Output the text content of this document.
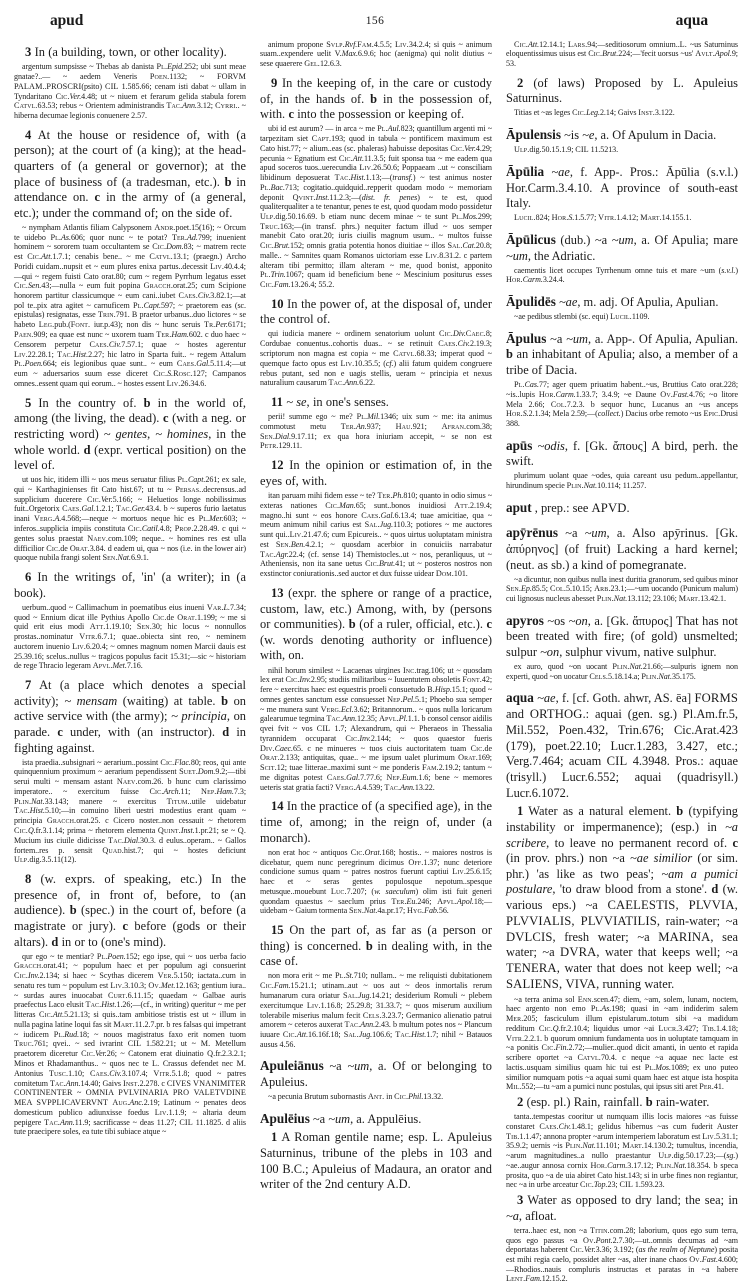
apud	156	aqua

3 In (a building, town, or other locality).

argentum sumpsisse ~ Thebas ab danista Pl.Epid.252; ubi sunt meae gnatae?..— ~ aedem Veneris Poen.1132; ~ FORVM PALAM..PROSCRI(psito) CIL 1.585.66; cenam isti dabat ~ ullam in Tyndaritano Cic.Ver.4.48; ut ~ niuem et ferarum gelida stabula forem Catvl.63.53; rebus ~ Orientem administrandis Tac.Ann.3.12; Cyrri.. ~ hiberna decumae legionis conuenere 2.57.

4 At the house or residence of, with (a person); at the court of (a king); at the head-quarters of (a general or governor); at the place of business of (a tradesman, etc.). b in attendance on. c in the army of (a general, etc.); under the command of; on the side of.

~ nympham Atlantis filiam Calypsonem Andr.poet.15(16); ~ Orcum te uidebo Pl.As.606; quor nunc ~ te potat? Ter.Ad.799; inuenient hominem ~ sororem tuam occultantem se Cic.Dom.83; ~ matrem recte est Cic.Att.1.7.1; cenabis bene.. ~ me Catvl.13.1; (praegn.) Archo Poridi cuidam..nupsit et ~ eum plures enixa partus..decessit Liv.40.4.4;—qui ~ regem fuisti Cato orat.80; cum ~ regem Pyrrhum legatus esset Cic.Sen.43;—nulla ~ eum fuit popina Gracch.orat.25; cum Scipione honorem partitur classicumque ~ eum cani..iubet Caes.Civ.3.82.1;—at pol te..pix atra agitet ~ carnuficem Pl.Capt.597; ~ praetorem eas (sc. epistulas) resignatas, esse Trin.791. B praetor urbanus..duo lictores ~ se habeto Leg.pub.(Font. iur.p.43); non dis ~ hunc seruis Tr.Per.6171; Paen.909; ea quae est nunc ~ uxorem tuam Ter.Ham.602. c duo haec ~ Censorem perpetur Caes.Civ.7.57.1; quae ~ hostes agerentur Liv.22.28.1; Tac.Hist.2.27; hic latro in Sparta fuit.. ~ regem Attalum Pl.Poen.664; eis legionibus quae sunt.. ~ eum Caes.Gal.5.11.4;—ut eum ~ aduersarios suum esse diceret Cic.S.Rosc.127; Campanos omnes..essent quam qui eorum.. ~ hostes essent Liv.26.34.6.

5 In the country of. b in the world of, among (the living, the dead). c (with a neg. or restricting word) ~ gentes, ~ homines, in the whole world. d (expr. vertical position) on the level of.

ut uos hic, itidem illi ~ uos meus seruatur filius Pl.Capt.261; ex sale, qui ~ Karthaginienses fit Cato hist.67; ut tu ~ Persas..decrensus..ad supplicium ducerere Cic.Ver.5.166; ~ Heluetios longe nobilissimus fuit..Orgetorix Caes.Gal.1.2.1; Tac.Ger.43.4. b ~ superos furio laetatus inani Verg.A.4.568;—neque ~ mortuos neque hic es Pl.Mer.603; ~ inferos..supplicia impiis constituta Cic.Catil.4.8; Prop.2.28.49. c qui ~ gentes solus praestat Naev.com.109; neque.. ~ homines res est ulla difficilior Cic.de Orat.3.84. d eadem ui, qua ~ nos (i.e. in the lower air) quoque nubila frangi solent Sen.Nat.6.9.1.

6 In the writings of, 'in' (a writer); in (a book).

uerbum..quod ~ Callimachum in poematibus eius inueni Var.L.7.34; quod ~ Ennium dicat ille Pythius Apollo Cic.de Orat.1.199; ~ me si quid erit eius modi Att.1.19.10; Sen.30; hic locus ~ nonnullos prostas..nominatur Vitr.6.7.1; quae..obiecta sint reo, ~ neminem auctorem inuenio Liv.6.20.4; ~ omnes magnum nomen Marcii dauis est 25.39.16; scelus..nullus ~ tragicos populus facit 15.31;—sic ~ historiam de rege Thracio legeram Apvl.Met.7.16.

7 At (a place which denotes a special activity); ~ mensam (waiting) at table. b on active service with (the army); ~ principia, on parade. c under, with (an instructor). d in fighting against.

ista praedia..subsignari ~ aerarium..possint Cic.Flac.80; reos, qui ante quinquennium proximum ~ aerarium pependissent Suet.Dom.9.2;—tibi serui multi ~ mensam astant Naev.com.26. b hunc cum clarissimo imperatore.. ~ exercitum fuisse Cic.Arch.11; Nep.Ham.7.3; Plin.Nat.33.143; manere ~ exercitus Titum..utile uidebatur Tac.Hist.5.10;—in comuino liberi uestri modestius erant quam ~ principia Gracch.orat.25. c Cicero noster..non cessauit ~ rhetorem Cic.Q.fr.3.1.14; prima ~ rhetorem elementa Quint.Inst.1.pr.21; se ~ Q. Mucium ius ciuile didicisse Tac.Dial.30.3. d eulus..operam.. ~ Gallos fortem..res p. sensit Quad.hist.7; qui ~ hostes deficiunt Ulp.dig.3.5.11(12).

8 (w. exprs. of speaking, etc.) In the presence of, in front of, before, to (an audience). b (spec.) in the court of, before (a magistrate or jury). c before (gods or their altars). d in or to (one's mind).

qur ego ~ te mentiar? Pl.Poen.152; ego ipse, qui ~ uos uerba facio Gracch.orat.41; ~ populum haec et per populum agi consuerint Cic.Inv.2.134; si haec ~ Scythas dicerem Ver.5.150; iactata..cum in senatu res tum ~ populum est Liv.3.10.3; Ov.Met.12.163; gentium iura.. ~ surdas aures inuocabat Curt.6.11.15; quaedam ~ Galbae auris praefectus Laco elusit Tac.Hist.1.26;—(cf., in writing) queritur ~ me per litteras Cic.Att.5.21.13; si quis..tam ambitiose tristis est ut ~ illum in nulla pagina latine loqui fas sit Mart.11.2.7.pr. b res falsas qui impetrant ~ iudicem Pl.Rud.18; ~ nouos magistratus faxo erit nomen tuom Truc.761; qvei.. ~ sed ivrarint CIL 1.582.21; ut ~ M. Metellum praetorem diceretur Cic.Ver.26; ~ Catonem erat diuinatio Q.fr.2.3.2.1; Minos et Rhadamanthus.. ~ quos nec te L. Crassus defendet nec M. Antonius Tusc.1.10; Caes.Civ.3.107.4; Vitr.5.1.8; quod ~ patres comitetum Tac.Ann.14.40; Gaivs Inst.2.278. c CIVES VNANIMITER CONTINENTER ~ OMNIA PVLVINARIA PRO VALETVDINE MEA SVPPLICAVERVNT Aug.Anc.2.19; Latinum ~ penates deos domesticum publico adiunxisse foedus Liv.1.1.9; ~ altaria deum pepigere Tac.Ann.11.9; sacrificasse ~ deas 11.27; CIL 11.1825. d aliis tute praecipere soles, ea tute tibi subiace atque ~

animum propone Svlp.Rvf.Fam.4.5.5; Liv.34.2.4; si quis ~ animum suam..expendere uelit V.Max.6.9.6; hoc (aenigma) qui nolit diutius ~ sese quaerere Gel.12.6.3.

9 In the keeping of, in the care or custody of, in the hands of. b in the possession of, with. c into the possession or keeping of.

ubi id est aurum? — in arca ~ me Pl.Aul.823; quantillum argenti mi ~ tarpezitam siet Capt.193; quod in tabula ~ pontificem maximum est Cato hist.77; ~ alium..eas (sc. phaleras) habuisse depositas Cic.Ver.4.29; pecunia ~ Egnatium est Cic.Att.11.3.5; fuit sponsa tua ~ me eadem qua apud soceros tuos..uerecundia Liv.26.50.6; Poppaeam ..ut ~ consciliam libidinum deposuerat Tac.Hist.1.13;—(transf.) ~ test animus noster Pl.Bac.713; cogitatio..quidquid..repperit quodam modo ~ memoriam deponit Qvint.Inst.11.2.3;—(dist. fr. penes) ~ te est, quod qualiterqualiter a te tenantur, penes te est, quod quodam modo possidetur Ulp.dig.50.16.69. b etiam nunc decem minae ~ te sunt Pl.Mos.299; Truc.163;—(in transf. phrs.) nequiter factum illud ~ uos semper manebit Cato orat.20; iuris ciuilis magnum usum.. ~ multos fuisse Cic.Brut.152; omnis gratia potentia honos diuitiae ~ illos Sal.Cat.20.8; malle.. ~ Samnites quam Romanos uictoriam esse Liv.8.31.2. c partem alteram tibi permitto; illam alteram ~ me, quod bonist, apponito Pl.Trin.1067; quam id beneficium bene ~ Mescinium positurus esses Cic.Fam.13.26.4; 55.2.

10 In the power of, at the disposal of, under the control of.

qui iudicia manere ~ ordinem senatorium uolunt Cic.Div.Caec.8; Cordubae conuentus..cohortis duas.. ~ se retinuit Caes.Civ.2.19.3; scriptorum non magna est copia ~ me Catvl.68.33; imperat quod ~ quemque facto opus est Liv.10.35.5; (cf.) alii fatum quidem congruere rebus putant, sed non e uagis stellis, ueram ~ principia et nexus naturalium causarum Tac.Ann.6.22.

11 ~ se, in one's senses.

perii! summe ego ~ me? Pl.Mil.1346; uix sum ~ me: ita animus commotust metu Ter.An.937; Hau.921; Afran.com.38; Sen.Dial.9.17.11; ex qua hora iniuriam accepit, ~ se non est Petr.129.11.

12 In the opinion or estimation of, in the eyes of, with.

itan paruam mihi fidem esse ~ te? Ter.Ph.810; quanto in odio simus ~ exteras nationes Cic.Man.65; sunt..bonos inuidiosi Att.2.19.4; magno..hi sunt ~ eos honore Caes.Gal.6.13.4; tuae amicitiae, qua ~ meum animum nihil carius est Sal.Jug.110.3; potiores ~ me auctores sunt qui..Liv.21.47.6; cum Epicureis.. ~ quos uirtus uoluptatam ministra est Sen.Ben.4.2.1; ~ quosdam acerbior in conuiciis narrabatur Tac.Agr.22.4; (cf. sense 14) Themistocles..ut ~ nos, peranliquus, ut ~ Atheniensis, non ita sane uetus Cic.Brut.41; ut ~ posteros nostros non exstinctor coniurationis..sed auctor et dux fuisse uidear Dom.101.

13 (expr. the sphere or range of a practice, custom, law, etc.) Among, with, by (persons or communities). b (of a ruler, official, etc.). c (w. words denoting authority or influence) with, on.

nihil horum similest ~ Lacaenas uirgines Inc.trag.106; ut ~ quosdam lex erat Cic.Inv.2.95; studiis militaribus ~ Iuuentutem obsoletis Font.42; fere ~ exercitus haec est equestris proeli consuetudo B.Hisp.15.1; quod ~ omnes gentes sanctum esse consuesset Nep.Pel.5.1; Phoebo sua semper ~ me munera sunt Verg.Ecl.3.62; Britannorum.. ~ quos nulla loricarum galearumue tegmina Tac.Ann.12.35; Apvl.Pl.1.1. b consol censor aidilis qvei fvit ~ vos CIL 1.7; Alexandrum, qui ~ Pheraeos in Thessalia tyrannidem occuparat Cic.Inv.2.144; ~ quos quaestor fueris Div.Caec.65. c ne minueres ~ tuos ciuis auctoritatem tuam Cic.de Orat.2.133; antiquitas, quae.. ~ me ipsum ualet plurimum Orat.169; Scit.12; tuae litterae..maximi sunt ~ me ponderis Fam.2.19.2; tantum ~ me dignitas potest Caes.Gal.7.77.6; Nep.Eum.1.6; bene ~ memores ueteris stat gratia facti? Verg.A.4.539; Tac.Ann.13.22.

14 In the practice of (a specified age), in the time of, among; in the reign of, under (a monarch).

non erat hoc ~ antiquos Cic.Orat.168; hostis.. ~ maiores nostros is dicebatur, quem nunc peregrinum dicimus Off.1.37; nunc deteriore condicione sumus quam ~ patres nostros fuerunt captiui Liv.25.6.15; haec et ~ seras gentes populosque nepotum..spesque metusque..mouebunt Luc.7.207; (w. saeculum) olim isti fuit generi quondam quaestus ~ saeclum prius Ter.Eu.246; Apvl.Apol.18;—uidebam ~ Gaium tormenta Sen.Nat.4a.pr.17; Hyg.Fab.56.

15 On the part of, as far as (a person or thing) is concerned. b in dealing with, in the case of.

non mora erit ~ me Pl.St.710; nullam.. ~ me reliquisti dubitationem Cic.Fam.15.21.1; utinam..aut ~ uos aut ~ deos inmortalis rerum humanarum cura oriatur Sal.Jug.14.21; desiderium Romuli ~ plebem exercitumque Liv.1.16.8; 25.29.8; 31.33.7; ~ quos miserum auxilium tolerabile miserius malum fecit Cels.3.23.7; Germanico alienatio patrui amorem ~ ceteros auxerat Tac.Ann.2.43. b multum potes nos ~ Plancum iuuare Cic.Att.16.16f.18; Sal.Jug.106.6; Tac.Hist.1.7; nihil ~ Batauos ausus 4.56.

Apuleiānus ~a ~um, a. Of or belonging to Apuleius.

~a pecunia Brutum subornastis Ant. in Cic.Phil.13.32.

Apulēius ~a ~um, a. Appulēius.

1 A Roman gentile name; esp. L. Apuleius Saturninus, tribune of the plebs in 103 and 100 B.C.; Apuleius of Madaura, an orator and writer of the 2nd century A.D.

Cic.Att.12.14.1; Lars.94;—seditiosorum omnium..L. ~us Saturninus eloquentissimus uisus est Cic.Brut.224;—'fecit uorsus ~us' Avlt.Apol.9; 53.

2 (of laws) Proposed by L. Apuleius Saturninus.

Titias et ~as leges Cic.Leg.2.14; Gaivs Inst.3.122.

Āpulensis ~is ~e, a. Of Apulum in Dacia.

Ulp.dig.50.15.1.9; CIL 11.5213.

Āpūlia ~ae, f. App-. Pros.: Āpūlia (s.v.l.) Hor.Carm.3.4.10. A province of south-east Italy.

Lucil.824; Hor.S.1.5.77; Vitr.1.4.12; Mart.14.155.1.

Āpūlicus (dub.) ~a ~um, a. Of Apulia; mare ~um, the Adriatic.

caementis licet occupes Tyrrhenum omne tuis et mare ~um (s.v.l.) Hor.Carm.3.24.4.

Āpulidēs ~ae, m. adj. Of Apulia, Apulian.

~ae pedibus stlembi (sc. equi) Lucil.1109.

Āpulus ~a ~um, a. App-. Of Apulia, Apulian. b an inhabitant of Apulia; also, a member of a tribe of Dacia.

Pl.Cas.77; ager quem priuatim habent..~us, Bruttius Cato orat.228; ~is..lupis Hor.Carm.1.33.7; 3.4.9; ~e Daune Ov.Fast.4.76; ~o litore Mela 2.66; Col.7.2.3. b sequor hunc, Lucanus an ~us anceps Hor.S.2.1.34; Mela 2.59;—(collect.) Dacius orbe remoto ~us Epic.Drusi 388.

apūs ~odis, f. [Gk. ἄπους] A bird, perh. the swift.

plurimum uolant quae ~odes, quia careant usu pedum..appellantur, hirundinum specie Plin.Nat.10.114; 11.257.

aput , prep.: see APVD.

apȳrēnus ~a ~um, a. Also apȳrinus. [Gk. ἀπύρηνος] (of fruit) Lacking a hard kernel; (neut. as sb.) a kind of pomegranate.

~a dicuntur, non quibus nulla inest duritia granorum, sed quibus minor Sen.Ep.85.5; Col.5.10.15; Arb.23.1;—~um uocando (Punicum malum) cui lignosus nucleus abesset Plin.Nat.13.112; 23.106; Mart.13.42.1.

apyros ~os ~on, a. [Gk. ἄπυρος] That has not been treated with fire; (of gold) unsmelted; sulpur ~on, sulphur vivum, native sulphur.

ex auro, quod ~on uocant Plin.Nat.21.66;—sulpuris ignem non experti, quod ~on uocatur Cels.5.18.14.a; Plin.Nat.35.175.

aqua ~ae, f. [cf. Goth. ahwr, AS. ēa] FORMS and ORTHOG.: aquai (gen. sg.) Pl.Am.fr.5, Mil.552, Poen.432, Trin.676; Cic.Arat.423 (179), poet.22.10; Lucr.1.283, 3.427, etc.; Verg.7.464; acuam CIL 4.3948. Pros.: aquae (trisyll.) Lucr.6.552; aquai (quadrisyll.) Lucr.6.1072.

1 Water as a natural element. b (typifying instability or impermanence); (esp.) in ~a scribere, to leave no permanent record of. c (in prov. phrs.) non ~a ~ae similior (or sim. phr.) 'as like as two peas'; ~am a pumici postulare, 'to draw blood from a stone'. d (w. various eps.) ~a CAELESTIS, PLVVIA, PLVVIALIS, PLVVIATILIS, rain-water; ~a DVLCIS, fresh water; ~a MARINA, sea water; ~a DVRA, water that keeps well; ~a TENERA, water that does not keep well; ~a SALIENS, VIVA, running water.

~a terra anima sol Enn.scen.47; diem, ~am, solem, lunam, noctem, haec argento non emo Pl.As.198; quasi in ~am indiderim salem Mer.205; fasciculum illum epistularum..totum sibi ~a madidum redditum Cic.Q.fr.2.10.4; liquidus umor ~ai Lucr.3.427; Tib.1.4.18; Vitr.2.2.1. b quorum omnium fundamenta uos in uoluptate tamquam in ~a ponitis Cic.Fin.2.72;—mulier..quod dicit amanti, in uento et rapida scribere oportet ~a Catvl.70.4. c neque ~a aquae nec lacte est lactis..usquam similius quam hic tui est Pl.Mos.1089; ex uno puteo similior numquam potis ~a aquai sumi quam haec est atque ista hospita Mil.552;—tu ~am a pumici nunc postulas, qui ipsus siti aret Per.41.

2 (esp. pl.) Rain, rainfall. b rain-water.

tanta..tempestas cooritur ut numquam illis locis maiores ~as fuisse constaret Caes.Civ.1.48.1; gelidus hibernus ~as cum fuderit Auster Tib.1.1.47; annona propter ~arum intemperiem laboratum est Liv.5.31.1; 35.9.2; uernis ~is Plin.Nat.11.101; Mart.14.130.2; tumultus, incendia, ~arum magnitudines..a nullo praestantur Ulp.dig.50.17.23;—(sg.) ~ae..augur annosa cornix Hor.Carm.3.17.12; Plin.Nat.18.354. b speca prosita, quo ~a de uia abiret Cato hist.143; si in urbe fines non regiantur, nec ~a in urbe arceatur Cic.Top.23; CIL 1.593.23.

3 Water as opposed to dry land; the sea; in ~a, afloat.

terra..haec est, non ~a Titin.com.28; laborium, quos ego sum terra, quos ego passus ~a Ov.Pont.2.7.30;—ut..omnis decumas ad ~am deportatas haberent Cic.Ver.3.36; 3.192; (as the realm of Neptune) posita est mihi regia caelo, possidet alter ~as, alter inane chaos Ov.Fast.4.600;—Rhodios..nauis compluris instructas et paratas in ~a habere Lent.Fam.12.15.2.
